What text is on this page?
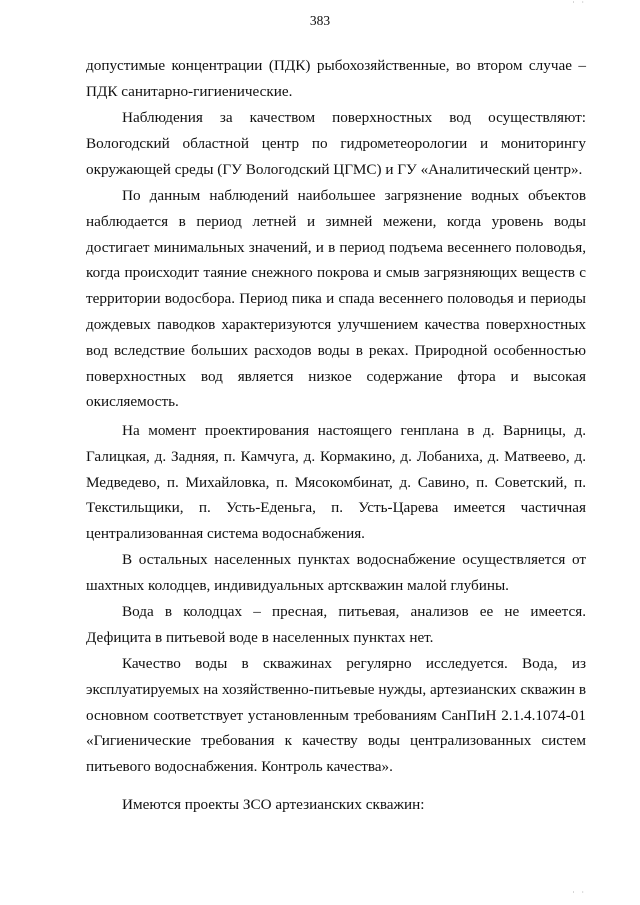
383

допустимые концентрации (ПДК) рыбохозяйственные, во втором случае – ПДК санитарно-гигиенические.

Наблюдения за качеством поверхностных вод осуществляют: Вологодский областной центр по гидрометеорологии и мониторингу окружающей среды (ГУ Вологодский ЦГМС) и ГУ «Аналитический центр».

По данным наблюдений наибольшее загрязнение водных объектов наблюдается в период летней и зимней межени, когда уровень воды достигает минимальных значений, и в период подъема весеннего половодья, когда происходит таяние снежного покрова и смыв загрязняющих веществ с территории водосбора. Период пика и спада весеннего половодья и периоды дождевых паводков характеризуются улучшением качества поверхностных вод вследствие больших расходов воды в реках. Природной особенностью поверхностных вод является низкое содержание фтора и высокая окисляемость.

На момент проектирования настоящего генплана в д. Варницы, д. Галицкая, д. Задняя, п. Камчуга, д. Кормакино, д. Лобаниха, д. Матвеево, д. Медведево, п. Михайловка, п. Мясокомбинат, д. Савино, п. Советский, п. Текстильщики, п. Усть-Еденьга, п. Усть-Царева имеется частичная централизованная система водоснабжения.

В остальных населенных пунктах водоснабжение осуществляется от шахтных колодцев, индивидуальных артскважин малой глубины.

Вода в колодцах – пресная, питьевая, анализов ее не имеется. Дефицита в питьевой воде в населенных пунктах нет.

Качество воды в скважинах регулярно исследуется. Вода, из эксплуатируемых на хозяйственно-питьевые нужды, артезианских скважин в основном соответствует установленным требованиям СанПиН 2.1.4.1074-01 «Гигиенические требования к качеству воды централизованных систем питьевого водоснабжения. Контроль качества».

Имеются проекты ЗСО артезианских скважин:

˙ ˙
˙ ˙
